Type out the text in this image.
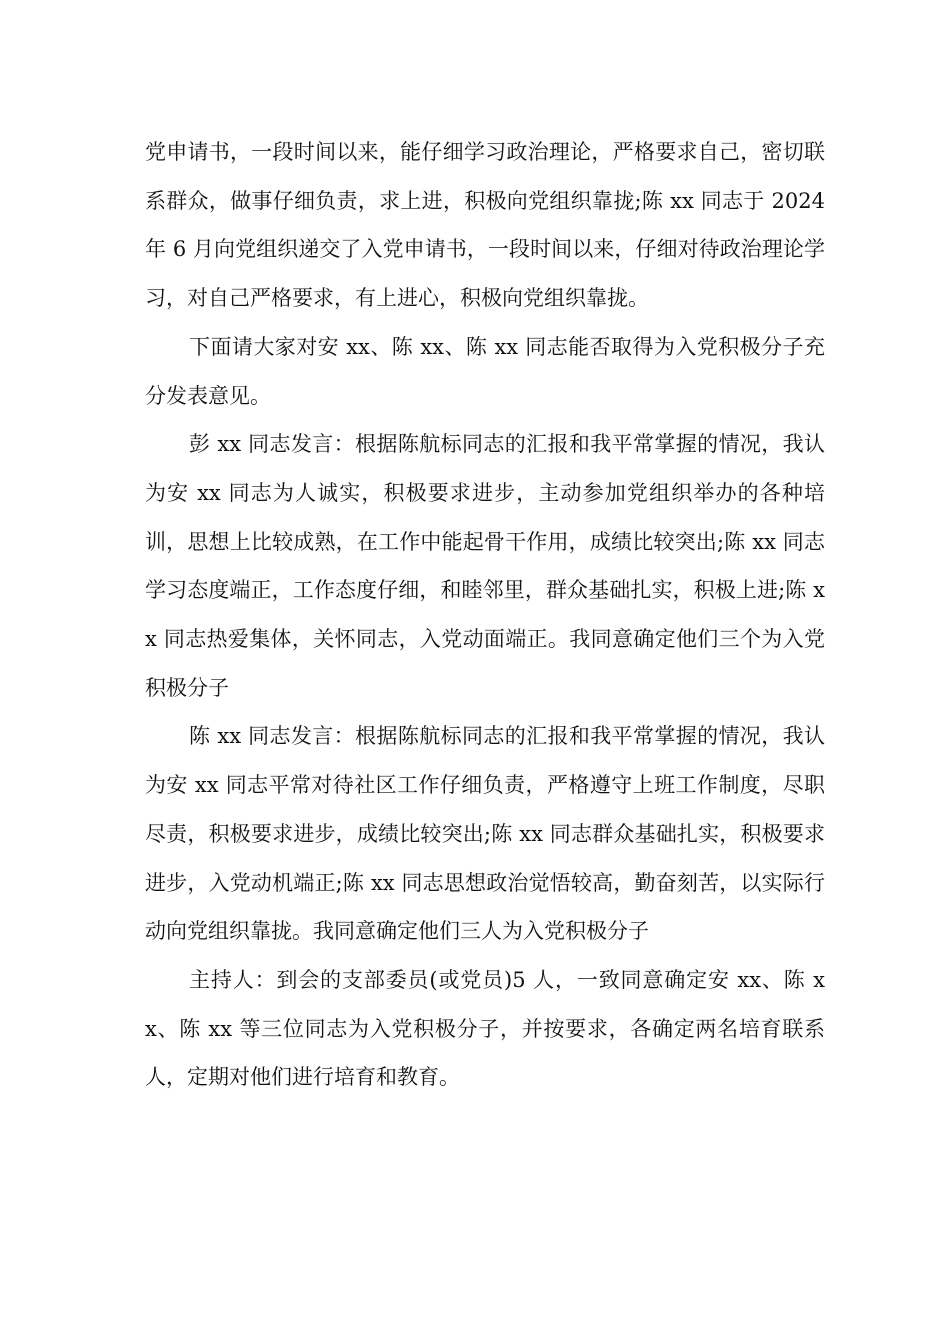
党申请书，一段时间以来，能仔细学习政治理论，严格要求自己，密切联系群众，做事仔细负责，求上进，积极向党组织靠拢;陈 xx 同志于 2024 年 6 月向党组织递交了入党申请书，一段时间以来，仔细对待政治理论学习，对自己严格要求，有上进心，积极向党组织靠拢。

下面请大家对安 xx、陈 xx、陈 xx 同志能否取得为入党积极分子充分发表意见。

彭 xx 同志发言：根据陈航标同志的汇报和我平常掌握的情况，我认为安 xx 同志为人诚实，积极要求进步，主动参加党组织举办的各种培训，思想上比较成熟，在工作中能起骨干作用，成绩比较突出;陈 xx 同志学习态度端正，工作态度仔细，和睦邻里，群众基础扎实，积极上进;陈 xx 同志热爱集体，关怀同志，入党动面端正。我同意确定他们三个为入党积极分子

陈 xx 同志发言：根据陈航标同志的汇报和我平常掌握的情况，我认为安 xx 同志平常对待社区工作仔细负责，严格遵守上班工作制度，尽职尽责，积极要求进步，成绩比较突出;陈 xx 同志群众基础扎实，积极要求进步，入党动机端正;陈 xx 同志思想政治觉悟较高，勤奋刻苦，以实际行动向党组织靠拢。我同意确定他们三人为入党积极分子

主持人：到会的支部委员(或党员)5 人，一致同意确定安 xx、陈 xx、陈 xx 等三位同志为入党积极分子，并按要求，各确定两名培育联系人，定期对他们进行培育和教育。
